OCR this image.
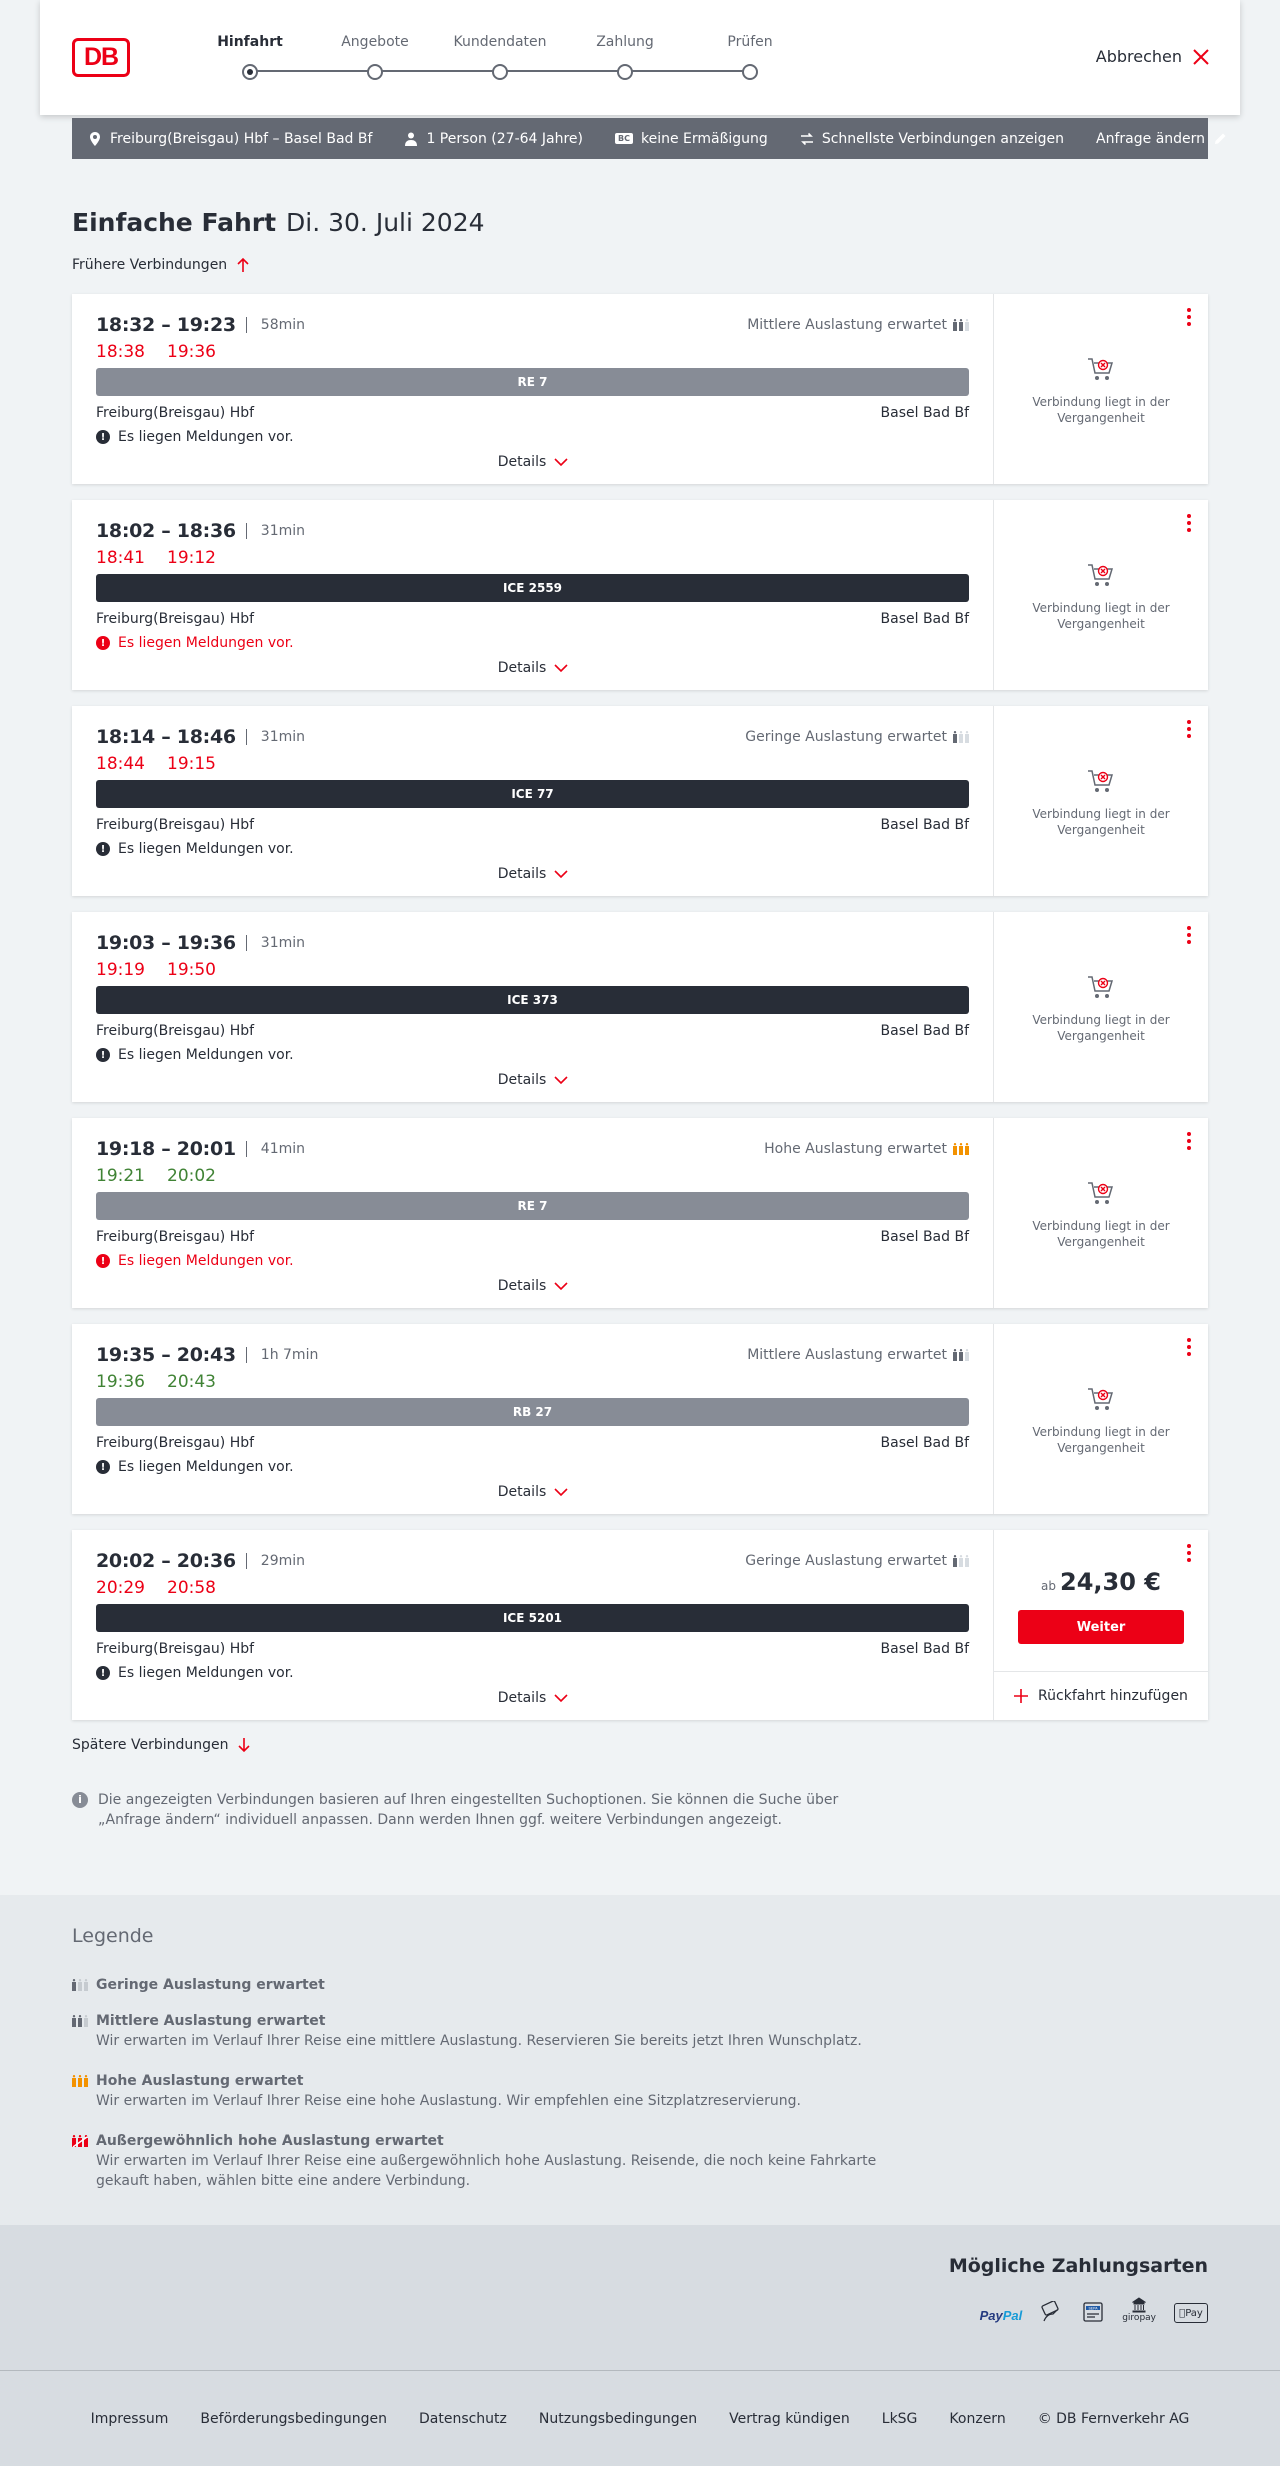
DB
Hinfahrt	Angebote	Kundendaten	Zahlung	Prüfen
Abbrechen
Freiburg(Breisgau) Hbf – Basel Bad Bf	1 Person (27-64 Jahre)	BC keine Ermäßigung	Schnellste Verbindungen anzeigen Anfrage ändern
Einfache Fahrt Di. 30. Juli 2024
Frühere Verbindungen
18:32 – 19:23 58min	Mittlere Auslastung erwartet
18:38 19:36
RE 7
Freiburg(Breisgau) Hbf	Basel Bad Bf
! Es liegen Meldungen vor.
Details
Verbindung liegt in der Vergangenheit
18:02 – 18:36 31min
18:41 19:12
ICE 2559
Freiburg(Breisgau) Hbf	Basel Bad Bf
! Es liegen Meldungen vor.
Details
Verbindung liegt in der Vergangenheit
18:14 – 18:46 31min	Geringe Auslastung erwartet
18:44 19:15
ICE 77
Freiburg(Breisgau) Hbf	Basel Bad Bf
! Es liegen Meldungen vor.
Details
Verbindung liegt in der Vergangenheit
19:03 – 19:36 31min
19:19 19:50
ICE 373
Freiburg(Breisgau) Hbf	Basel Bad Bf
! Es liegen Meldungen vor.
Details
Verbindung liegt in der Vergangenheit
19:18 – 20:01 41min	Hohe Auslastung erwartet
19:21 20:02
RE 7
Freiburg(Breisgau) Hbf	Basel Bad Bf
! Es liegen Meldungen vor.
Details
Verbindung liegt in der Vergangenheit
19:35 – 20:43 1h 7min	Mittlere Auslastung erwartet
19:36 20:43
RB 27
Freiburg(Breisgau) Hbf	Basel Bad Bf
! Es liegen Meldungen vor.
Details
Verbindung liegt in der Vergangenheit
20:02 – 20:36 29min	Geringe Auslastung erwartet
20:29 20:58
ICE 5201
Freiburg(Breisgau) Hbf	Basel Bad Bf
! Es liegen Meldungen vor.
Details
ab 24,30 €
Weiter
Rückfahrt hinzufügen
Spätere Verbindungen
i	Die angezeigten Verbindungen basieren auf Ihren eingestellten Suchoptionen. Sie können die Suche über „Anfrage ändern“ individuell anpassen. Dann werden Ihnen ggf. weitere Verbindungen angezeigt.
Legende
Geringe Auslastung erwartet
Mittlere Auslastung erwartet
Wir erwarten im Verlauf Ihrer Reise eine mittlere Auslastung. Reservieren Sie bereits jetzt Ihren Wunschplatz.
Hohe Auslastung erwartet
Wir erwarten im Verlauf Ihrer Reise eine hohe Auslastung. Wir empfehlen eine Sitzplatzreservierung.
Außergewöhnlich hohe Auslastung erwartet
Wir erwarten im Verlauf Ihrer Reise eine außergewöhnlich hohe Auslastung. Reisende, die noch keine Fahrkarte gekauft haben, wählen bitte eine andere Verbindung.
Mögliche Zahlungsarten
Pay Pal	SEPA
giropay	Pay
Impressum Beförderungsbedingungen Datenschutz Nutzungsbedingungen Vertrag kündigen LkSG Konzern © DB Fernverkehr AG
